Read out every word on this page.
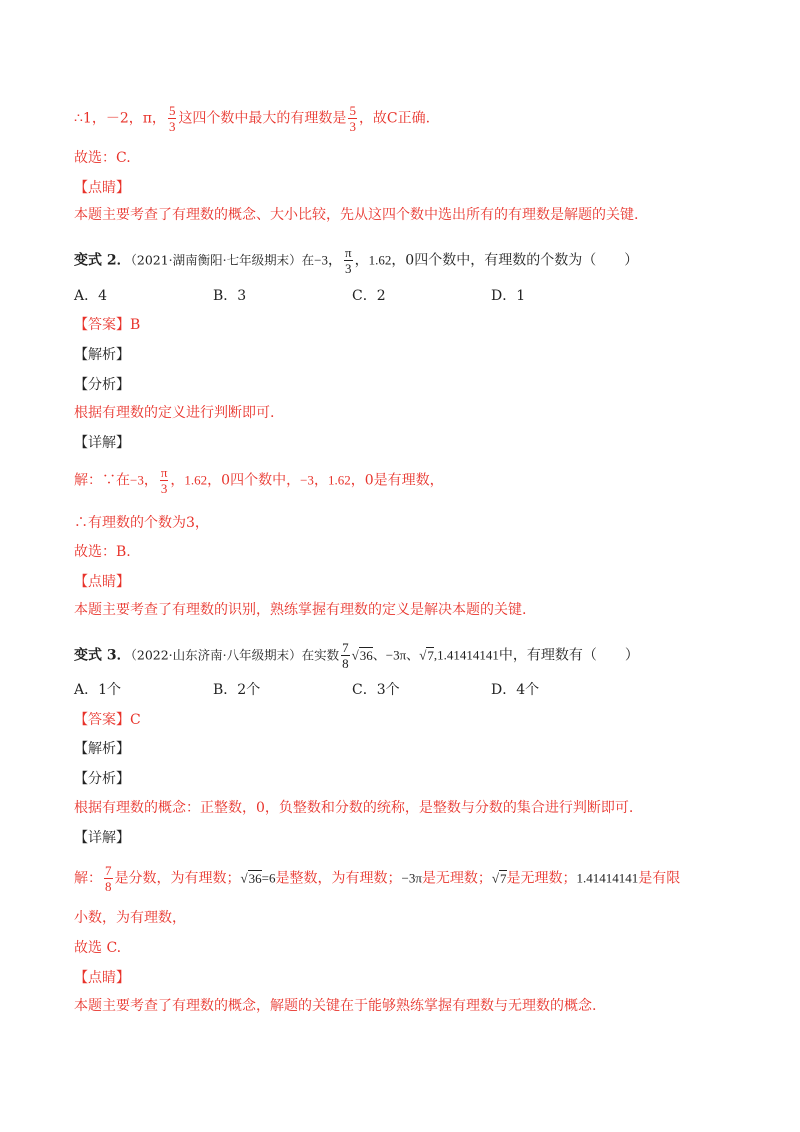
∴1，－2，π， $\frac{5}{3}$ 这四个数中最大的有理数是 $\frac{5}{3}$ ，故C正确.
故选：C.
【点睛】
本题主要考查了有理数的概念、大小比较，先从这四个数中选出所有的有理数是解题的关键.
变式 2．（2021·湖南衡阳·七年级期末）在−3， $\frac{\pi}{3}$ ，1.62，0四个数中，有理数的个数为（　　）
A．4	B．3	C．2	D．1
【答案】B
【解析】
【分析】
根据有理数的定义进行判断即可.
【详解】
解：∵在−3， $\frac{\pi}{3}$ ，1.62，0四个数中，−3，1.62，0是有理数，
∴有理数的个数为3，
故选：B.
【点睛】
本题主要考查了有理数的识别，熟练掌握有理数的定义是解决本题的关键.
变式 3．（2022·山东济南·八年级期末）在实数 $\frac{7}{8} √36$、−3π、√7,1.41414141中，有理数有（　　）
A．1个	B．2个	C．3个	D．4个
【答案】C
【解析】
【分析】
根据有理数的概念：正整数，0，负整数和分数的统称，是整数与分数的集合进行判断即可.
【详解】
解： $\frac{7}{8}$ 是分数，为有理数；√36=6是整数，为有理数；−3π是无理数；√7是无理数；1.41414141是有限
小数，为有理数，
故选 C.
【点睛】
本题主要考查了有理数的概念，解题的关键在于能够熟练掌握有理数与无理数的概念.
